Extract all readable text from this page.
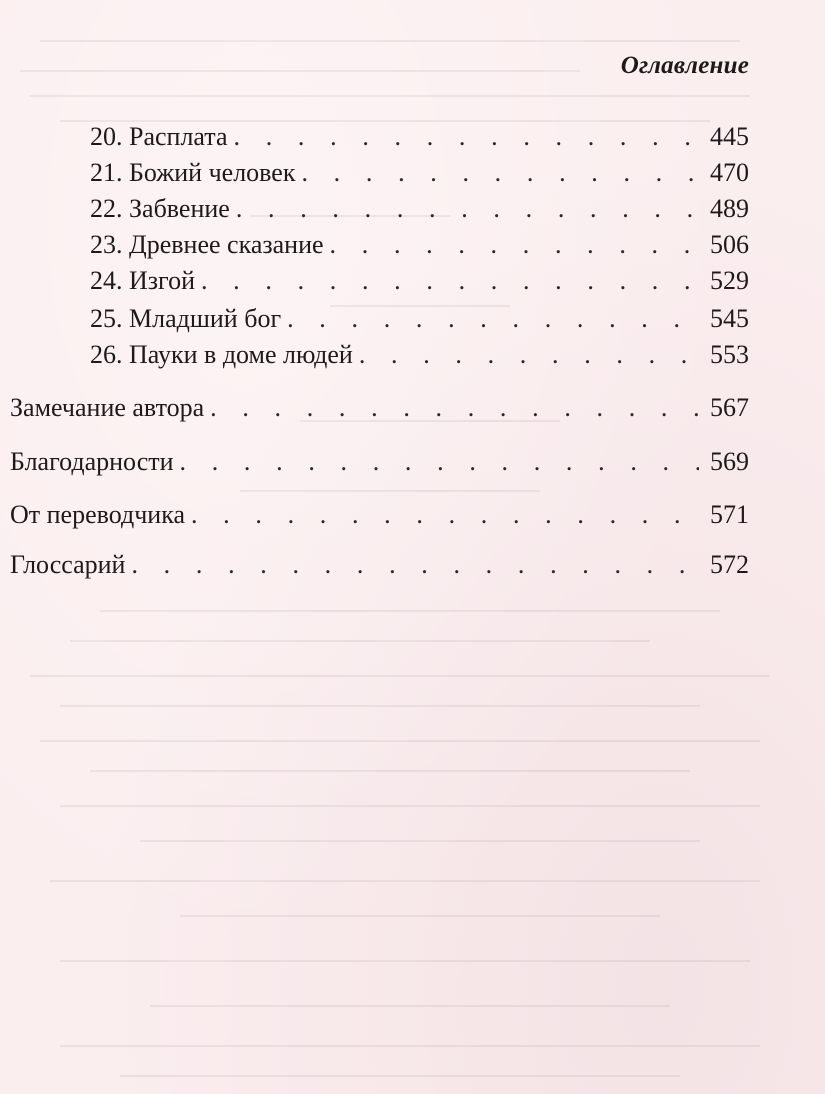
Оглавление
20. Расплата . . .	445
21. Божий человек . . .	470
22. Забвение . . .	489
23. Древнее сказание . . .	506
24. Изгой . . .	529
25. Младший бог . . .	545
26. Пауки в доме людей . . .	553
Замечание автора . . .	567
Благодарности . . .	569
От переводчика . . .	571
Глоссарий . . .	572
